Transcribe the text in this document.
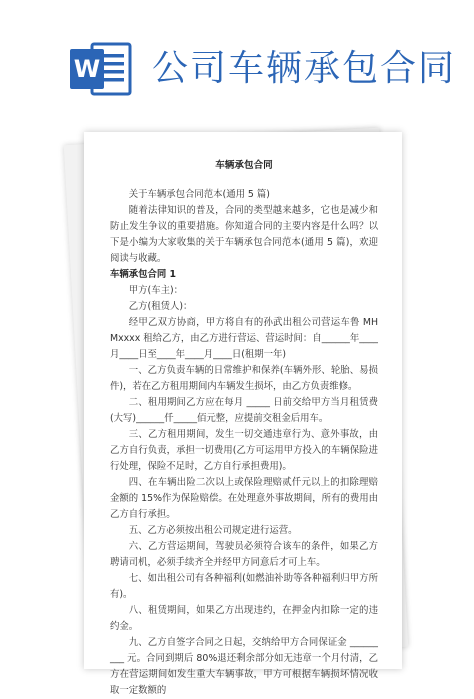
W 公司车辆承包合同
车辆承包合同

关于车辆承包合同范本(通用 5 篇)

随着法律知识的普及，合同的类型越来越多，它也是减少和防止发生争议的重要措施。你知道合同的主要内容是什么吗？以下是小编为大家收集的关于车辆承包合同范本(通用 5 篇)，欢迎阅读与收藏。

车辆承包合同 1

甲方(车主)：

乙方(租赁人)：

经甲乙双方协商，甲方将自有的孙武出租公司营运车鲁 MHMxxxx 租给乙方，由乙方进行营运、营运时间：自______年____月____日至____年____月____日(租期一年)

一、乙方负责车辆的日常维护和保养(车辆外形、轮胎、易损件)，若在乙方租用期间内车辆发生损坏，由乙方负责维修。

二、租用期间乙方应在每月 _____ 日前交给甲方当月租赁费 (大写)______仟_____佰元整，应提前交租金后用车。

三、乙方租用期间，发生一切交通违章行为、意外事故，由乙方自行负责，承担一切费用(乙方可运用甲方投入的车辆保险进行处理，保险不足时，乙方自行承担费用)。

四、在车辆出险二次以上或保险理赔贰仟元以上的扣除理赔金额的 15%作为保险赔偿。在处理意外事故期间，所有的费用由乙方自行承担。

五、乙方必须按出租公司规定进行运营。

六、乙方营运期间，驾驶员必须符合该车的条件，如果乙方聘请司机，必须手续齐全并经甲方同意后才可上车。

七、如出租公司有各种福利(如燃油补助等各种福利归甲方所有)。

八、租赁期间，如果乙方出现违约，在押金内扣除一定的违约金。

九、乙方自签字合同之日起，交纳给甲方合同保证金 _________ 元。合同到期后 80%退还剩余部分如无违章一个月付清，乙方在营运期间如发生重大车辆事故，甲方可根据车辆损坏情况收取一定数额的
